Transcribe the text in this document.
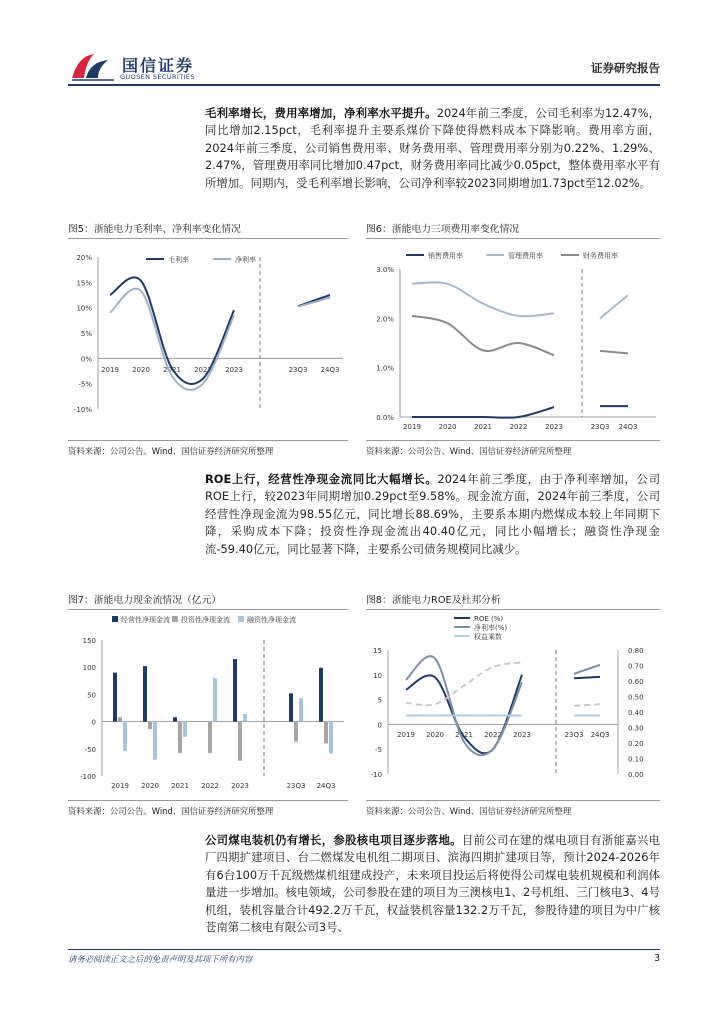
国信证券
GUOSEN SECURITIES
证券研究报告
毛利率增长，费用率增加，净利率水平提升。2024年前三季度，公司毛利率为12.47%，同比增加2.15pct，毛利率提升主要系煤价下降使得燃料成本下降影响。费用率方面，2024年前三季度，公司销售费用率、财务费用率、管理费用率分别为0.22%、1.29%、2.47%，管理费用率同比增加0.47pct，财务费用率同比减少0.05pct，整体费用率水平有所增加。同期内，受毛利率增长影响，公司净利率较2023同期增加1.73pct至12.02%。
图5：浙能电力毛利率、净利率变化情况
20%
15%
10%
5%
0%
-5%
-10%
2019 2020 2021 2022 2023	23Q3 24Q3
毛利率	净利率
资料来源：公司公告、Wind、国信证券经济研究所整理
图6：浙能电力三项费用率变化情况
3.0%
2.0%
1.0%
0.0%
2019	2020	2021	2022	2023	23Q3 24Q3
销售费用率	管理费用率	财务费用率
资料来源：公司公告、Wind、国信证券经济研究所整理
ROE上行，经营性净现金流同比大幅增长。2024年前三季度，由于净利率增加，公司ROE上行，较2023年同期增加0.29pct至9.58%。现金流方面，2024年前三季度，公司经营性净现金流为98.55亿元，同比增长88.69%，主要系本期内燃煤成本较上年同期下降，采购成本下降；投资性净现金流出40.40亿元，同比小幅增长；融资性净现金流-59.40亿元，同比显著下降，主要系公司债务规模同比减少。
图7：浙能电力现金流情况（亿元）
150
100
50
0
-50
-100
2019 2020 2021 2022 2023	23Q3 24Q3
经营性净现金流 投资性净现金流 融资性净现金流
资料来源：公司公告、Wind、国信证券经济研究所整理
图8：浙能电力ROE及杜邦分析
15
10
5
0
-5
-10
0.80
0.70
0.60
0.50
0.40
0.30
0.20
0.10
0.00
2019 2020 2021 2022 2023	23Q3 24Q3
ROE (%)
净利率(%)
权益乘数
资料来源：公司公告、Wind、国信证券经济研究所整理
公司煤电装机仍有增长，参股核电项目逐步落地。目前公司在建的煤电项目有浙能嘉兴电厂四期扩建项目、台二燃煤发电机组二期项目、滨海四期扩建项目等，预计2024-2026年有6台100万千瓦级燃煤机组建成投产，未来项目投运后将使得公司煤电装机规模和利润体量进一步增加。核电领域，公司参股在建的项目为三澳核电1、2号机组、三门核电3、4号机组，装机容量合计492.2万千瓦，权益装机容量132.2万千瓦，参股待建的项目为中广核苍南第二核电有限公司3号、
请务必阅读正文之后的免责声明及其项下所有内容	3
